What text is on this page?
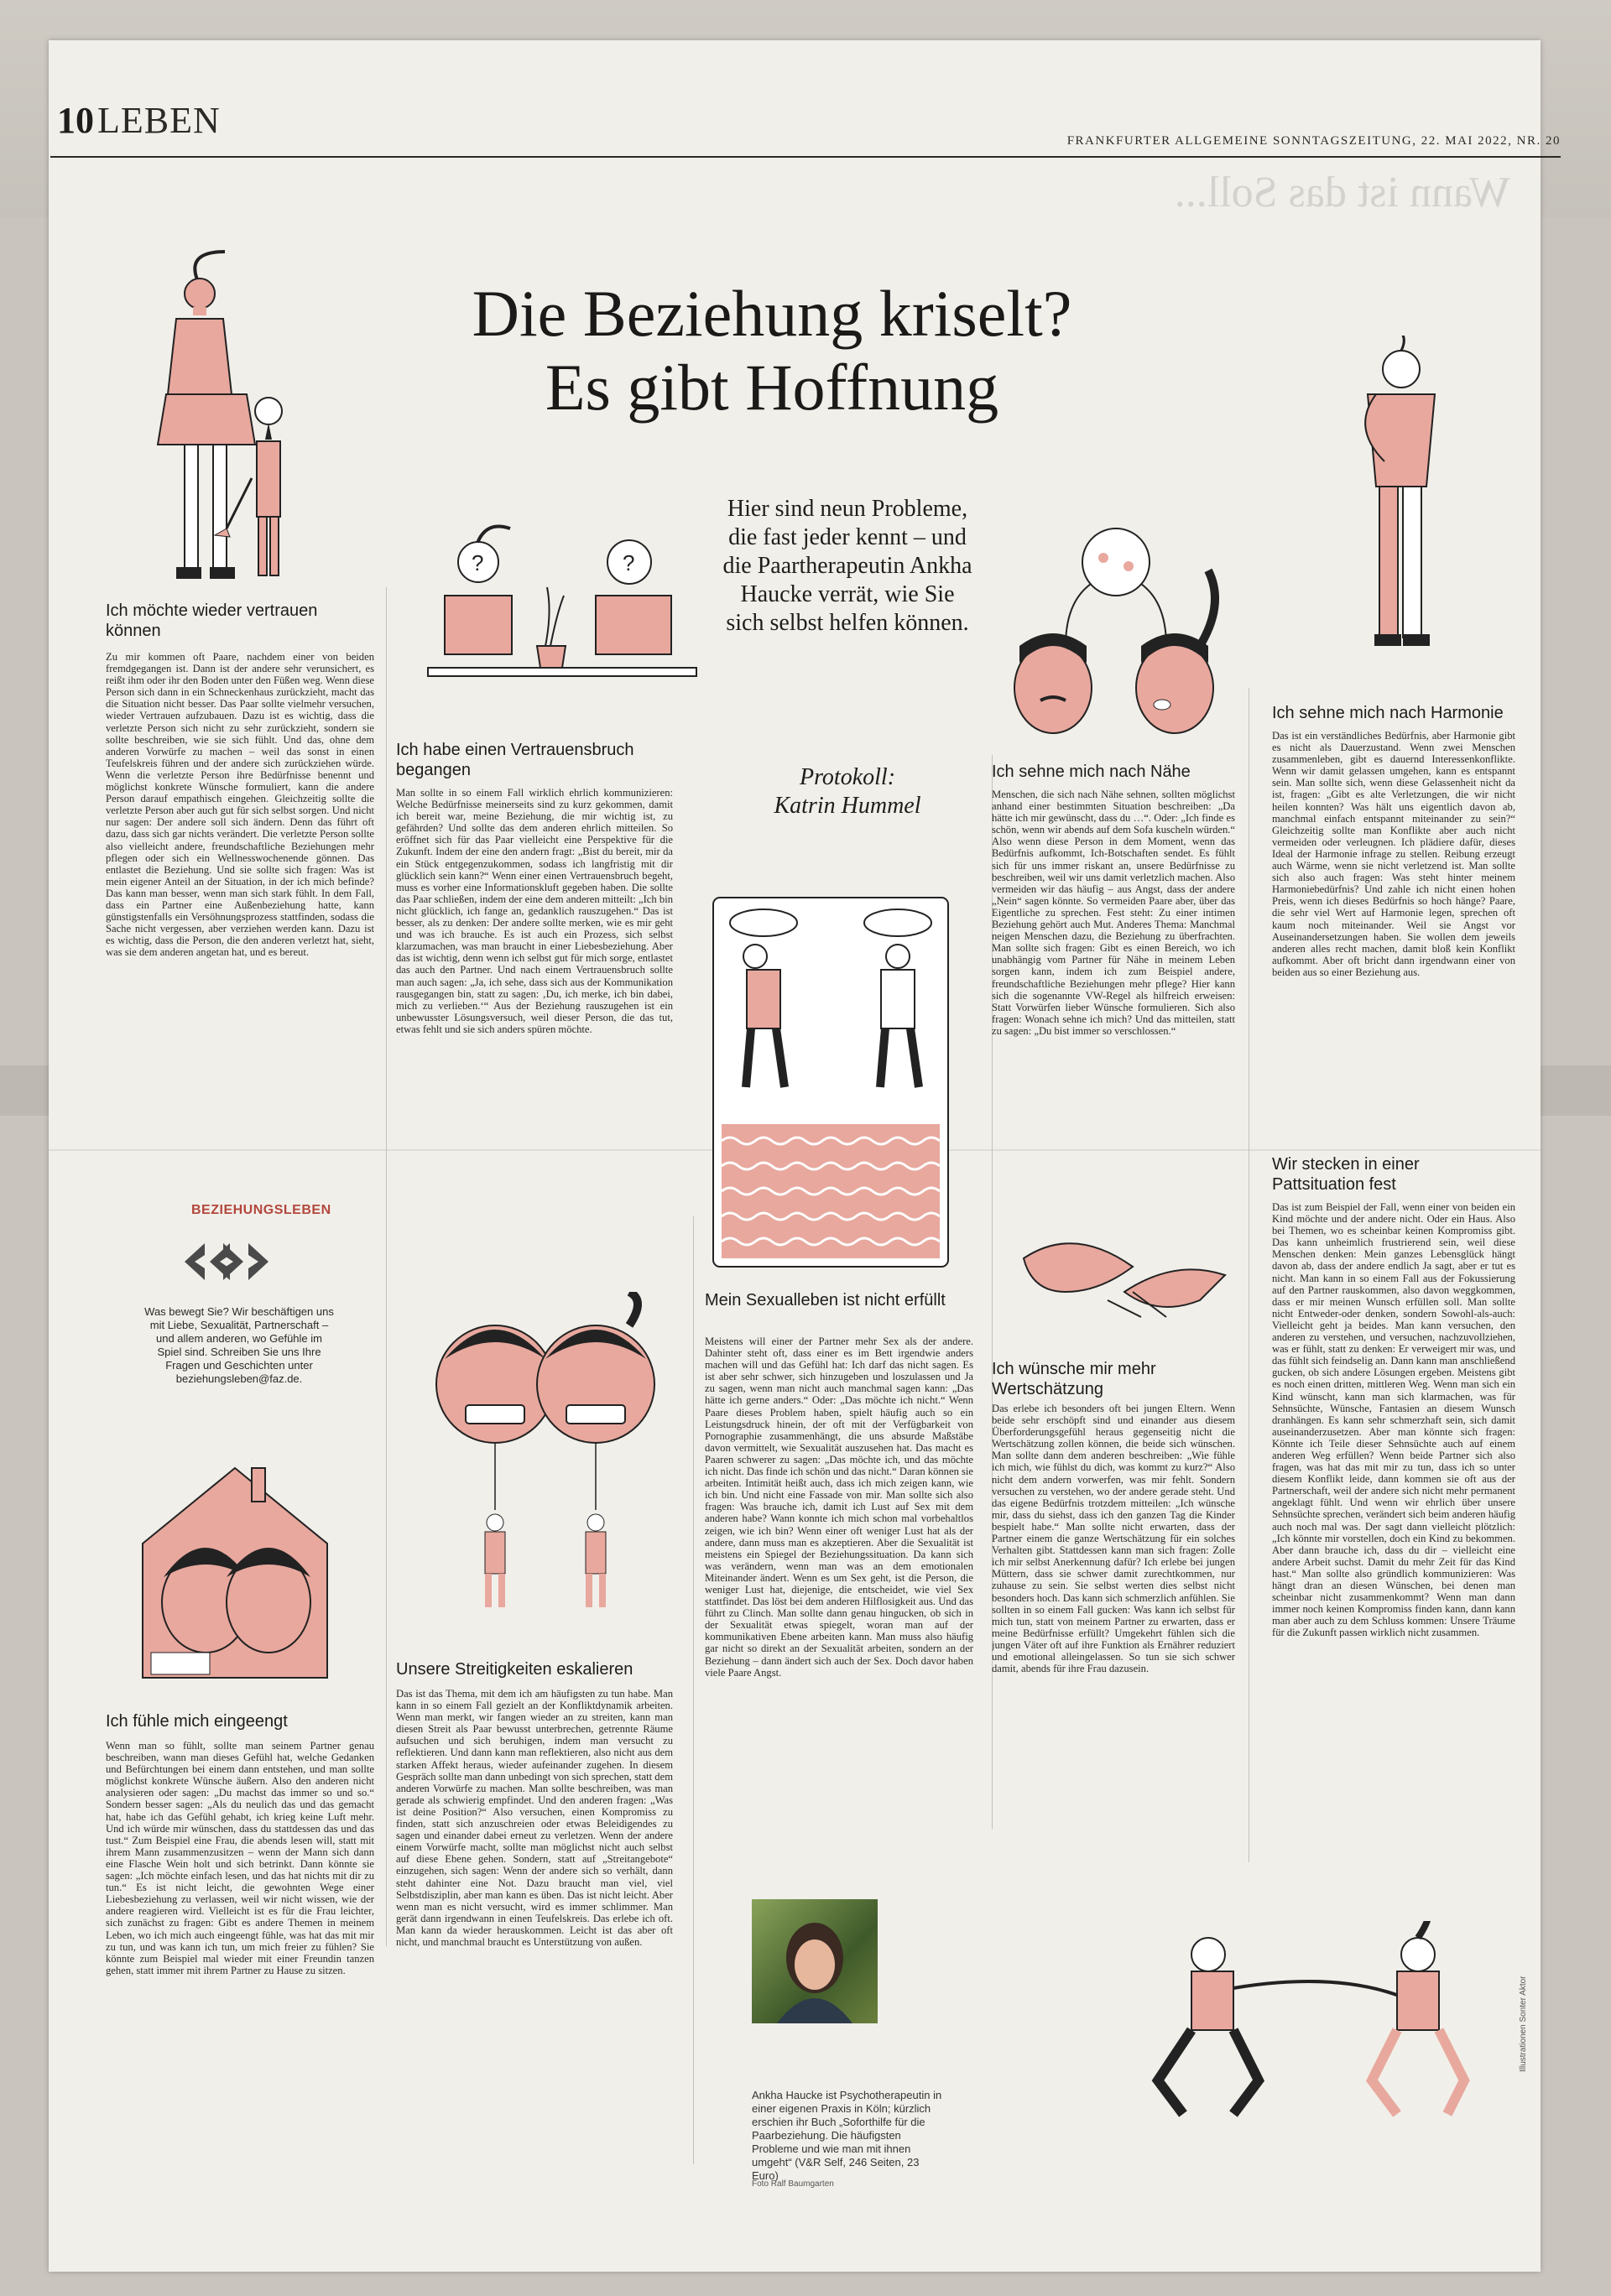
Wann ist das Soll...
10 LEBEN	FRANKFURTER ALLGEMEINE SONNTAGSZEITUNG, 22. MAI 2022, NR. 20
Die Beziehung kriselt?
Es gibt Hoffnung
Hier sind neun Probleme, die fast jeder kennt – und die Paartherapeutin Ankha Haucke verrät, wie Sie sich selbst helfen können.
Protokoll:
Katrin Hummel
?	?
Ich möchte wieder vertrauen können
Zu mir kommen oft Paare, nachdem einer von beiden fremdgegangen ist. Dann ist der andere sehr verunsichert, es reißt ihm oder ihr den Boden unter den Füßen weg. Wenn diese Person sich dann in ein Schneckenhaus zurückzieht, macht das die Situation nicht besser. Das Paar sollte vielmehr versuchen, wieder Vertrauen aufzubauen. Dazu ist es wichtig, dass die verletzte Person sich nicht zu sehr zurückzieht, sondern sie sollte beschreiben, wie sie sich fühlt. Und das, ohne dem anderen Vorwürfe zu machen – weil das sonst in einen Teufelskreis führen und der andere sich zurückziehen würde. Wenn die verletzte Person ihre Bedürfnisse benennt und möglichst konkrete Wünsche formuliert, kann die andere Person darauf empathisch eingehen. Gleichzeitig sollte die verletzte Person aber auch gut für sich selbst sorgen. Und nicht nur sagen: Der andere soll sich ändern. Denn das führt oft dazu, dass sich gar nichts verändert. Die verletzte Person sollte also vielleicht andere, freundschaftliche Beziehungen mehr pflegen oder sich ein Wellnesswochenende gönnen. Das entlastet die Beziehung. Und sie sollte sich fragen: Was ist mein eigener Anteil an der Situation, in der ich mich befinde? Das kann man besser, wenn man sich stark fühlt. In dem Fall, dass ein Partner eine Außenbeziehung hatte, kann günstigstenfalls ein Versöhnungsprozess stattfinden, sodass die Sache nicht vergessen, aber verziehen werden kann. Dazu ist es wichtig, dass die Person, die den anderen verletzt hat, sieht, was sie dem anderen angetan hat, und es bereut.
Ich habe einen Vertrauensbruch begangen
Man sollte in so einem Fall wirklich ehrlich kommunizieren: Welche Bedürfnisse meinerseits sind zu kurz gekommen, damit ich bereit war, meine Beziehung, die mir wichtig ist, zu gefährden? Und sollte das dem anderen ehrlich mitteilen. So eröffnet sich für das Paar vielleicht eine Perspektive für die Zukunft. Indem der eine den andern fragt: „Bist du bereit, mir da ein Stück entgegenzukommen, sodass ich langfristig mit dir glücklich sein kann?“ Wenn einer einen Vertrauensbruch begeht, muss es vorher eine Informationskluft gegeben haben. Die sollte das Paar schließen, indem der eine dem anderen mitteilt: „Ich bin nicht glücklich, ich fange an, gedanklich rauszugehen.“ Das ist besser, als zu denken: Der andere sollte merken, wie es mir geht und was ich brauche. Es ist auch ein Prozess, sich selbst klarzumachen, was man braucht in einer Liebesbeziehung. Aber das ist wichtig, denn wenn ich selbst gut für mich sorge, entlastet das auch den Partner. Und nach einem Vertrauensbruch sollte man auch sagen: „Ja, ich sehe, dass sich aus der Kommunikation rausgegangen bin, statt zu sagen: ‚Du, ich merke, ich bin dabei, mich zu verlieben.‘“ Aus der Beziehung rauszugehen ist ein unbewusster Lösungsversuch, weil dieser Person, die das tut, etwas fehlt und sie sich anders spüren möchte.
Ich sehne mich nach Nähe
Menschen, die sich nach Nähe sehnen, sollten möglichst anhand einer bestimmten Situation beschreiben: „Da hätte ich mir gewünscht, dass du …“. Oder: „Ich finde es schön, wenn wir abends auf dem Sofa kuscheln würden.“ Also wenn diese Person in dem Moment, wenn das Bedürfnis aufkommt, Ich-Botschaften sendet. Es fühlt sich für uns immer riskant an, unsere Bedürfnisse zu beschreiben, weil wir uns damit verletzlich machen. Also vermeiden wir das häufig – aus Angst, dass der andere „Nein“ sagen könnte. So vermeiden Paare aber, über das Eigentliche zu sprechen. Fest steht: Zu einer intimen Beziehung gehört auch Mut. Anderes Thema: Manchmal neigen Menschen dazu, die Beziehung zu überfrachten. Man sollte sich fragen: Gibt es einen Bereich, wo ich unabhängig vom Partner für Nähe in meinem Leben sorgen kann, indem ich zum Beispiel andere, freundschaftliche Beziehungen mehr pflege? Hier kann sich die sogenannte VW-Regel als hilfreich erweisen: Statt Vorwürfen lieber Wünsche formulieren. Sich also fragen: Wonach sehne ich mich? Und das mitteilen, statt zu sagen: „Du bist immer so verschlossen.“
Ich sehne mich nach Harmonie
Das ist ein verständliches Bedürfnis, aber Harmonie gibt es nicht als Dauerzustand. Wenn zwei Menschen zusammenleben, gibt es dauernd Interessenkonflikte. Wenn wir damit gelassen umgehen, kann es entspannt sein. Man sollte sich, wenn diese Gelassenheit nicht da ist, fragen: „Gibt es alte Verletzungen, die wir nicht heilen konnten? Was hält uns eigentlich davon ab, manchmal einfach entspannt miteinander zu sein?“ Gleichzeitig sollte man Konflikte aber auch nicht vermeiden oder verleugnen. Ich plädiere dafür, dieses Ideal der Harmonie infrage zu stellen. Reibung erzeugt auch Wärme, wenn sie nicht verletzend ist. Man sollte sich also auch fragen: Was steht hinter meinem Harmoniebedürfnis? Und zahle ich nicht einen hohen Preis, wenn ich dieses Bedürfnis so hoch hänge? Paare, die sehr viel Wert auf Harmonie legen, sprechen oft kaum noch miteinander. Weil sie Angst vor Auseinandersetzungen haben. Sie wollen dem jeweils anderen alles recht machen, damit bloß kein Konflikt aufkommt. Aber oft bricht dann irgendwann einer von beiden aus so einer Beziehung aus.
Mein Sexualleben ist nicht erfüllt
Meistens will einer der Partner mehr Sex als der andere. Dahinter steht oft, dass einer es im Bett irgendwie anders machen will und das Gefühl hat: Ich darf das nicht sagen. Es ist aber sehr schwer, sich hinzugeben und loszulassen und Ja zu sagen, wenn man nicht auch manchmal sagen kann: „Das hätte ich gerne anders.“ Oder: „Das möchte ich nicht.“ Wenn Paare dieses Problem haben, spielt häufig auch so ein Leistungsdruck hinein, der oft mit der Verfügbarkeit von Pornographie zusammenhängt, die uns absurde Maßstäbe davon vermittelt, wie Sexualität auszusehen hat. Das macht es Paaren schwerer zu sagen: „Das möchte ich, und das möchte ich nicht. Das finde ich schön und das nicht.“ Daran können sie arbeiten. Intimität heißt auch, dass ich mich zeigen kann, wie ich bin. Und nicht eine Fassade von mir. Man sollte sich also fragen: Was brauche ich, damit ich Lust auf Sex mit dem anderen habe? Wann konnte ich mich schon mal vorbehaltlos zeigen, wie ich bin? Wenn einer oft weniger Lust hat als der andere, dann muss man es akzeptieren. Aber die Sexualität ist meistens ein Spiegel der Beziehungssituation. Da kann sich was verändern, wenn man was an dem emotionalen Miteinander ändert. Wenn es um Sex geht, ist die Person, die weniger Lust hat, diejenige, die entscheidet, wie viel Sex stattfindet. Das löst bei dem anderen Hilflosigkeit aus. Und das führt zu Clinch. Man sollte dann genau hingucken, ob sich in der Sexualität etwas spiegelt, woran man auf der kommunikativen Ebene arbeiten kann. Man muss also häufig gar nicht so direkt an der Sexualität arbeiten, sondern an der Beziehung – dann ändert sich auch der Sex. Doch davor haben viele Paare Angst.
Ich wünsche mir mehr Wertschätzung
Das erlebe ich besonders oft bei jungen Eltern. Wenn beide sehr erschöpft sind und einander aus diesem Überforderungsgefühl heraus gegenseitig nicht die Wertschätzung zollen können, die beide sich wünschen. Man sollte dann dem anderen beschreiben: „Wie fühle ich mich, wie fühlst du dich, was kommt zu kurz?“ Also nicht dem andern vorwerfen, was mir fehlt. Sondern versuchen zu verstehen, wo der andere gerade steht. Und das eigene Bedürfnis trotzdem mitteilen: „Ich wünsche mir, dass du siehst, dass ich den ganzen Tag die Kinder bespielt habe.“ Man sollte nicht erwarten, dass der Partner einem die ganze Wertschätzung für ein solches Verhalten gibt. Stattdessen kann man sich fragen: Zolle ich mir selbst Anerkennung dafür? Ich erlebe bei jungen Müttern, dass sie schwer damit zurechtkommen, nur zuhause zu sein. Sie selbst werten dies selbst nicht besonders hoch. Das kann sich schmerzlich anfühlen. Sie sollten in so einem Fall gucken: Was kann ich selbst für mich tun, statt von meinem Partner zu erwarten, dass er meine Bedürfnisse erfüllt? Umgekehrt fühlen sich die jungen Väter oft auf ihre Funktion als Ernährer reduziert und emotional alleingelassen. So tun sie sich schwer damit, abends für ihre Frau dazusein.
Wir stecken in einer Pattsituation fest
Das ist zum Beispiel der Fall, wenn einer von beiden ein Kind möchte und der andere nicht. Oder ein Haus. Also bei Themen, wo es scheinbar keinen Kompromiss gibt. Das kann unheimlich frustrierend sein, weil diese Menschen denken: Mein ganzes Lebensglück hängt davon ab, dass der andere endlich Ja sagt, aber er tut es nicht. Man kann in so einem Fall aus der Fokussierung auf den Partner rauskommen, also davon weggkommen, dass er mir meinen Wunsch erfüllen soll. Man sollte nicht Entweder-oder denken, sondern Sowohl-als-auch: Vielleicht geht ja beides. Man kann versuchen, den anderen zu verstehen, und versuchen, nachzuvollziehen, was er fühlt, statt zu denken: Er verweigert mir was, und das fühlt sich feindselig an. Dann kann man anschließend gucken, ob sich andere Lösungen ergeben. Meistens gibt es noch einen dritten, mittleren Weg. Wenn man sich ein Kind wünscht, kann man sich klarmachen, was für Sehnsüchte, Wünsche, Fantasien an diesem Wunsch dranhängen. Es kann sehr schmerzhaft sein, sich damit auseinanderzusetzen. Aber man könnte sich fragen: Könnte ich Teile dieser Sehnsüchte auch auf einem anderen Weg erfüllen? Wenn beide Partner sich also fragen, was hat das mit mir zu tun, dass ich so unter diesem Konflikt leide, dann kommen sie oft aus der Partnerschaft, weil der andere sich nicht mehr permanent angeklagt fühlt. Und wenn wir ehrlich über unsere Sehnsüchte sprechen, verändert sich beim anderen häufig auch noch mal was. Der sagt dann vielleicht plötzlich: „Ich könnte mir vorstellen, doch ein Kind zu bekommen. Aber dann brauche ich, dass du dir – vielleicht eine andere Arbeit suchst. Damit du mehr Zeit für das Kind hast.“ Man sollte also gründlich kommunizieren: Was hängt dran an diesen Wünschen, bei denen man scheinbar nicht zusammenkommt? Wenn man dann immer noch keinen Kompromiss finden kann, dann kann man aber auch zu dem Schluss kommen: Unsere Träume für die Zukunft passen wirklich nicht zusammen.
Unsere Streitigkeiten eskalieren
Das ist das Thema, mit dem ich am häufigsten zu tun habe. Man kann in so einem Fall gezielt an der Konfliktdynamik arbeiten. Wenn man merkt, wir fangen wieder an zu streiten, kann man diesen Streit als Paar bewusst unterbrechen, getrennte Räume aufsuchen und sich beruhigen, indem man versucht zu reflektieren. Und dann kann man reflektieren, also nicht aus dem starken Affekt heraus, wieder aufeinander zugehen. In diesem Gespräch sollte man dann unbedingt von sich sprechen, statt dem anderen Vorwürfe zu machen. Man sollte beschreiben, was man gerade als schwierig empfindet. Und den anderen fragen: „Was ist deine Position?“ Also versuchen, einen Kompromiss zu finden, statt sich anzuschreien oder etwas Beleidigendes zu sagen und einander dabei erneut zu verletzen. Wenn der andere einem Vorwürfe macht, sollte man möglichst nicht auch selbst auf diese Ebene gehen. Sondern, statt auf „Streitangebote“ einzugehen, sich sagen: Wenn der andere sich so verhält, dann steht dahinter eine Not. Dazu braucht man viel, viel Selbstdisziplin, aber man kann es üben. Das ist nicht leicht. Aber wenn man es nicht versucht, wird es immer schlimmer. Man gerät dann irgendwann in einen Teufelskreis. Das erlebe ich oft. Man kann da wieder herauskommen. Leicht ist das aber oft nicht, und manchmal braucht es Unterstützung von außen.
Ich fühle mich eingeengt
Wenn man so fühlt, sollte man seinem Partner genau beschreiben, wann man dieses Gefühl hat, welche Gedanken und Befürchtungen bei einem dann entstehen, und man sollte möglichst konkrete Wünsche äußern. Also den anderen nicht analysieren oder sagen: „Du machst das immer so und so.“ Sondern besser sagen: „Als du neulich das und das gemacht hat, habe ich das Gefühl gehabt, ich krieg keine Luft mehr. Und ich würde mir wünschen, dass du stattdessen das und das tust.“ Zum Beispiel eine Frau, die abends lesen will, statt mit ihrem Mann zusammenzusitzen – wenn der Mann sich dann eine Flasche Wein holt und sich betrinkt. Dann könnte sie sagen: „Ich möchte einfach lesen, und das hat nichts mit dir zu tun.“ Es ist nicht leicht, die gewohnten Wege einer Liebesbeziehung zu verlassen, weil wir nicht wissen, wie der andere reagieren wird. Vielleicht ist es für die Frau leichter, sich zunächst zu fragen: Gibt es andere Themen in meinem Leben, wo ich mich auch eingeengt fühle, was hat das mit mir zu tun, und was kann ich tun, um mich freier zu fühlen? Sie könnte zum Beispiel mal wieder mit einer Freundin tanzen gehen, statt immer mit ihrem Partner zu Hause zu sitzen.
BEZIEHUNGSLEBEN
Was bewegt Sie? Wir beschäftigen uns mit Liebe, Sexualität, Partnerschaft – und allem anderen, wo Gefühle im Spiel sind. Schreiben Sie uns Ihre Fragen und Geschichten unter beziehungsleben@faz.de.
Ankha Haucke ist Psychotherapeutin in einer eigenen Praxis in Köln; kürzlich erschien ihr Buch „Soforthilfe für die Paarbeziehung. Die häufigsten Probleme und wie man mit ihnen umgeht“ (V&R Self, 246 Seiten, 23 Euro)
Foto Ralf Baumgarten
Illustrationen Sonter Aktor
